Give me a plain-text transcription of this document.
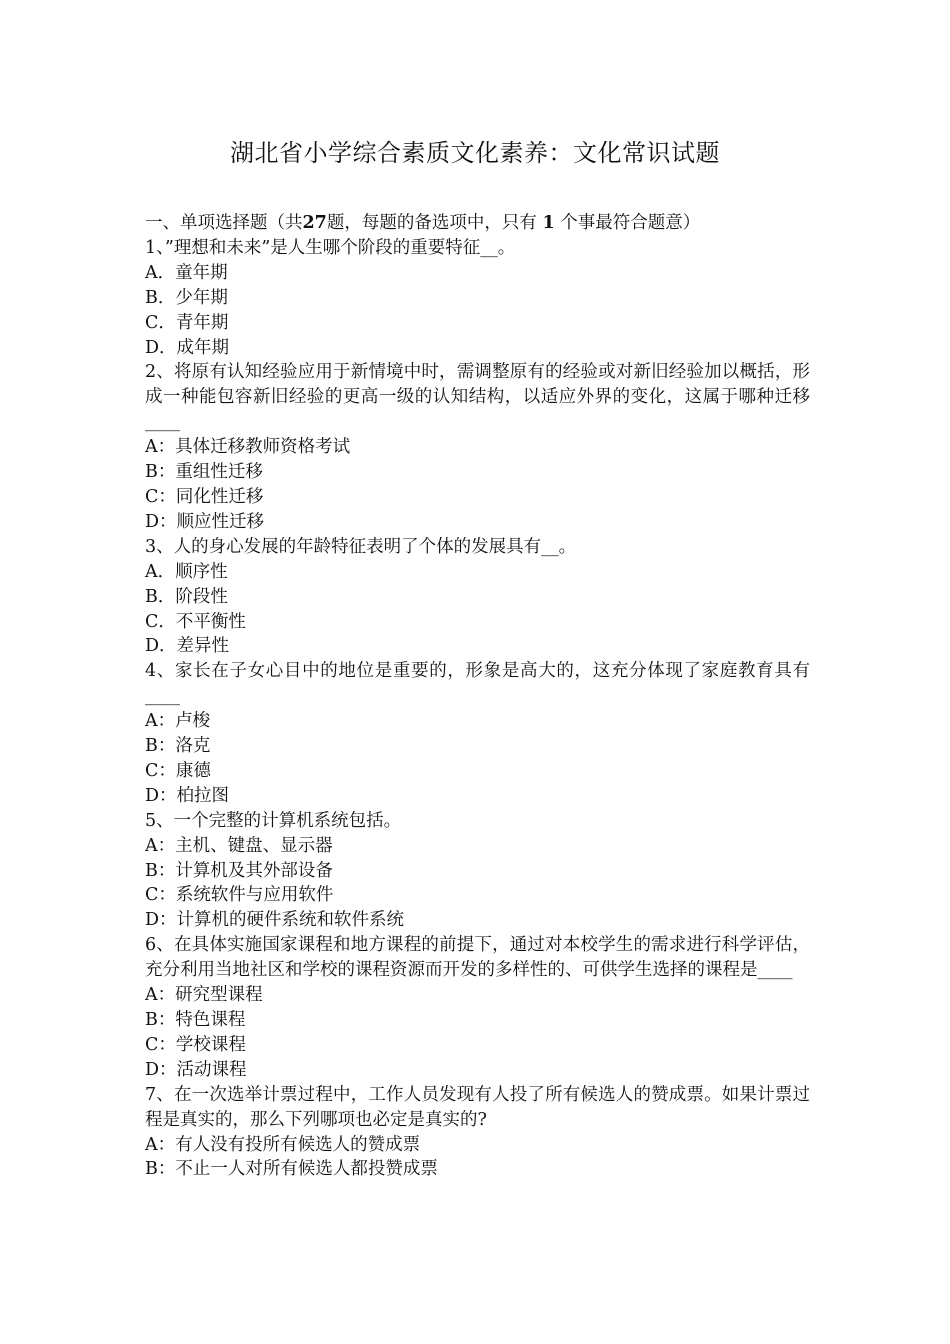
湖北省小学综合素质文化素养：文化常识试题
一、单项选择题（共27题，每题的备选项中，只有 1 个事最符合题意）
1、”理想和未来”是人生哪个阶段的重要特征__。
A．童年期
B．少年期
C．青年期
D．成年期
2、将原有认知经验应用于新情境中时，需调整原有的经验或对新旧经验加以概括，形成一种能包容新旧经验的更高一级的认知结构，以适应外界的变化，这属于哪种迁移____
A：具体迁移教师资格考试
B：重组性迁移
C：同化性迁移
D：顺应性迁移
3、人的身心发展的年龄特征表明了个体的发展具有__。
A．顺序性
B．阶段性
C．不平衡性
D．差异性
4、家长在子女心目中的地位是重要的，形象是高大的，这充分体现了家庭教育具有____
A：卢梭
B：洛克
C：康德
D：柏拉图
5、一个完整的计算机系统包括。
A：主机、键盘、显示器
B：计算机及其外部设备
C：系统软件与应用软件
D：计算机的硬件系统和软件系统
6、在具体实施国家课程和地方课程的前提下，通过对本校学生的需求进行科学评估，充分利用当地社区和学校的课程资源而开发的多样性的、可供学生选择的课程是____
A：研究型课程
B：特色课程
C：学校课程
D：活动课程
7、在一次选举计票过程中，工作人员发现有人投了所有候选人的赞成票。如果计票过程是真实的，那么下列哪项也必定是真实的?
A：有人没有投所有候选人的赞成票
B：不止一人对所有候选人都投赞成票
